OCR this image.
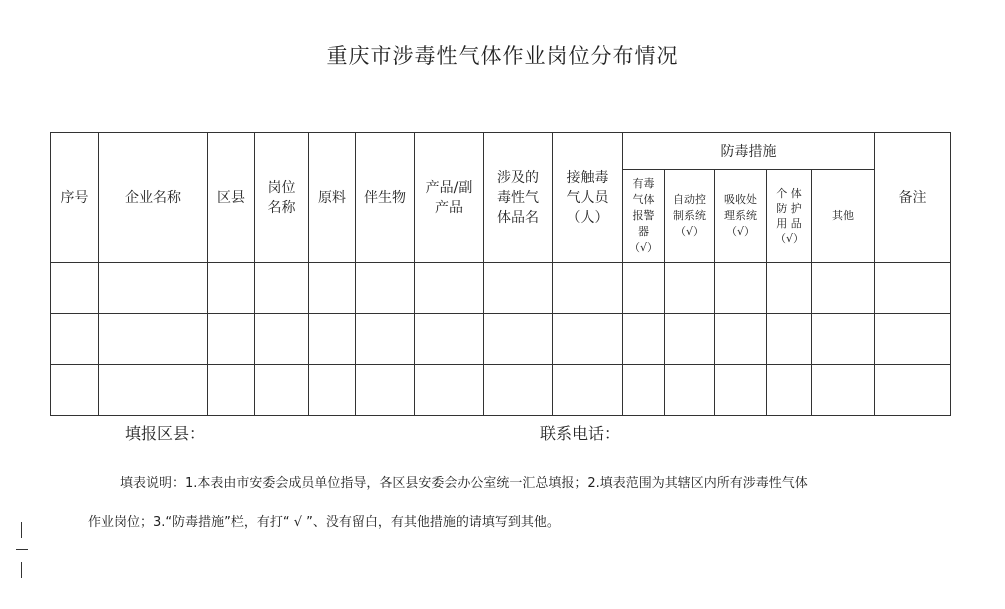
重庆市涉毒性气体作业岗位分布情况
序号	企业名称	区县	岗位名称	原料	伴生物	产品/副产品	涉及的毒性气体品名	接触毒气人员（人）	防毒措施					备注
									有毒气体报警器（√）	自动控制系统（√）	吸收处理系统（√）	个 体防 护用 品（√）	其他	

填报区县：	联系电话：
填表说明：1.本表由市安委会成员单位指导，各区县安委会办公室统一汇总填报；2.填表范围为其辖区内所有涉毒性气体
作业岗位；3.“防毒措施”栏，有打“ √ ”、没有留白，有其他措施的请填写到其他。
